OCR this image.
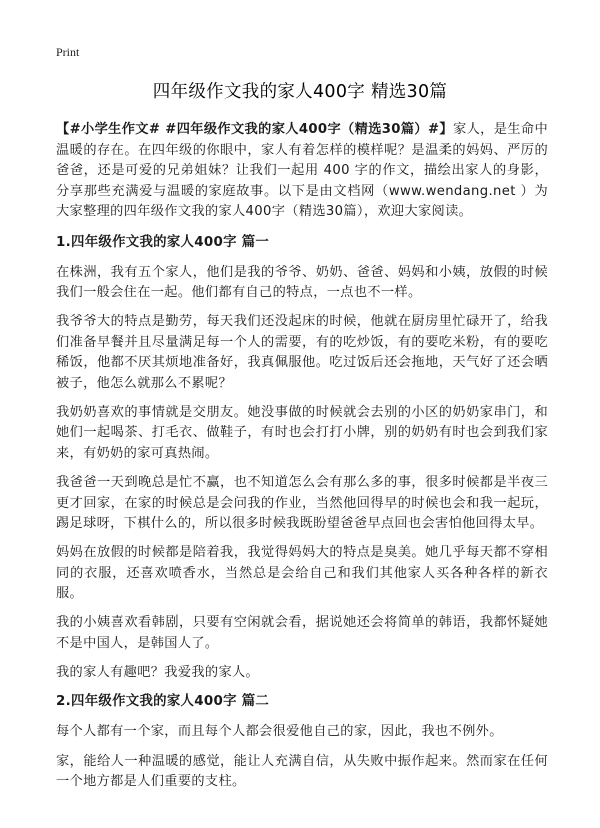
Print
四年级作文我的家人400字 精选30篇

【#小学生作文# #四年级作文我的家人400字（精选30篇）#】家人，是生命中温暖的存在。在四年级的你眼中，家人有着怎样的模样呢？是温柔的妈妈、严厉的爸爸，还是可爱的兄弟姐妹？让我们一起用 400 字的作文，描绘出家人的身影，分享那些充满爱与温暖的家庭故事。以下是由文档网（www.wendang.net ）为大家整理的四年级作文我的家人400字（精选30篇），欢迎大家阅读。

1.四年级作文我的家人400字 篇一

在株洲，我有五个家人，他们是我的爷爷、奶奶、爸爸、妈妈和小姨，放假的时候我们一般会住在一起。他们都有自己的特点，一点也不一样。

我爷爷大的特点是勤劳，每天我们还没起床的时候，他就在厨房里忙碌开了，给我们准备早餐并且尽量满足每一个人的需要，有的吃炒饭，有的要吃米粉，有的要吃稀饭，他都不厌其烦地准备好，我真佩服他。吃过饭后还会拖地，天气好了还会晒被子，他怎么就那么不累呢？

我奶奶喜欢的事情就是交朋友。她没事做的时候就会去别的小区的奶奶家串门，和她们一起喝茶、打毛衣、做鞋子，有时也会打打小牌，别的奶奶有时也会到我们家来，有奶奶的家可真热闹。

我爸爸一天到晚总是忙不赢，也不知道怎么会有那么多的事，很多时候都是半夜三更才回家，在家的时候总是会问我的作业，当然他回得早的时候也会和我一起玩，踢足球呀，下棋什么的，所以很多时候我既盼望爸爸早点回也会害怕他回得太早。

妈妈在放假的时候都是陪着我，我觉得妈妈大的特点是臭美。她几乎每天都不穿相同的衣服，还喜欢喷香水，当然总是会给自己和我们其他家人买各种各样的新衣服。

我的小姨喜欢看韩剧，只要有空闲就会看，据说她还会将简单的韩语，我都怀疑她不是中国人，是韩国人了。

我的家人有趣吧？我爱我的家人。

2.四年级作文我的家人400字 篇二

每个人都有一个家，而且每个人都会很爱他自己的家，因此，我也不例外。

家，能给人一种温暖的感觉，能让人充满自信，从失败中振作起来。然而家在任何一个地方都是人们重要的支柱。
